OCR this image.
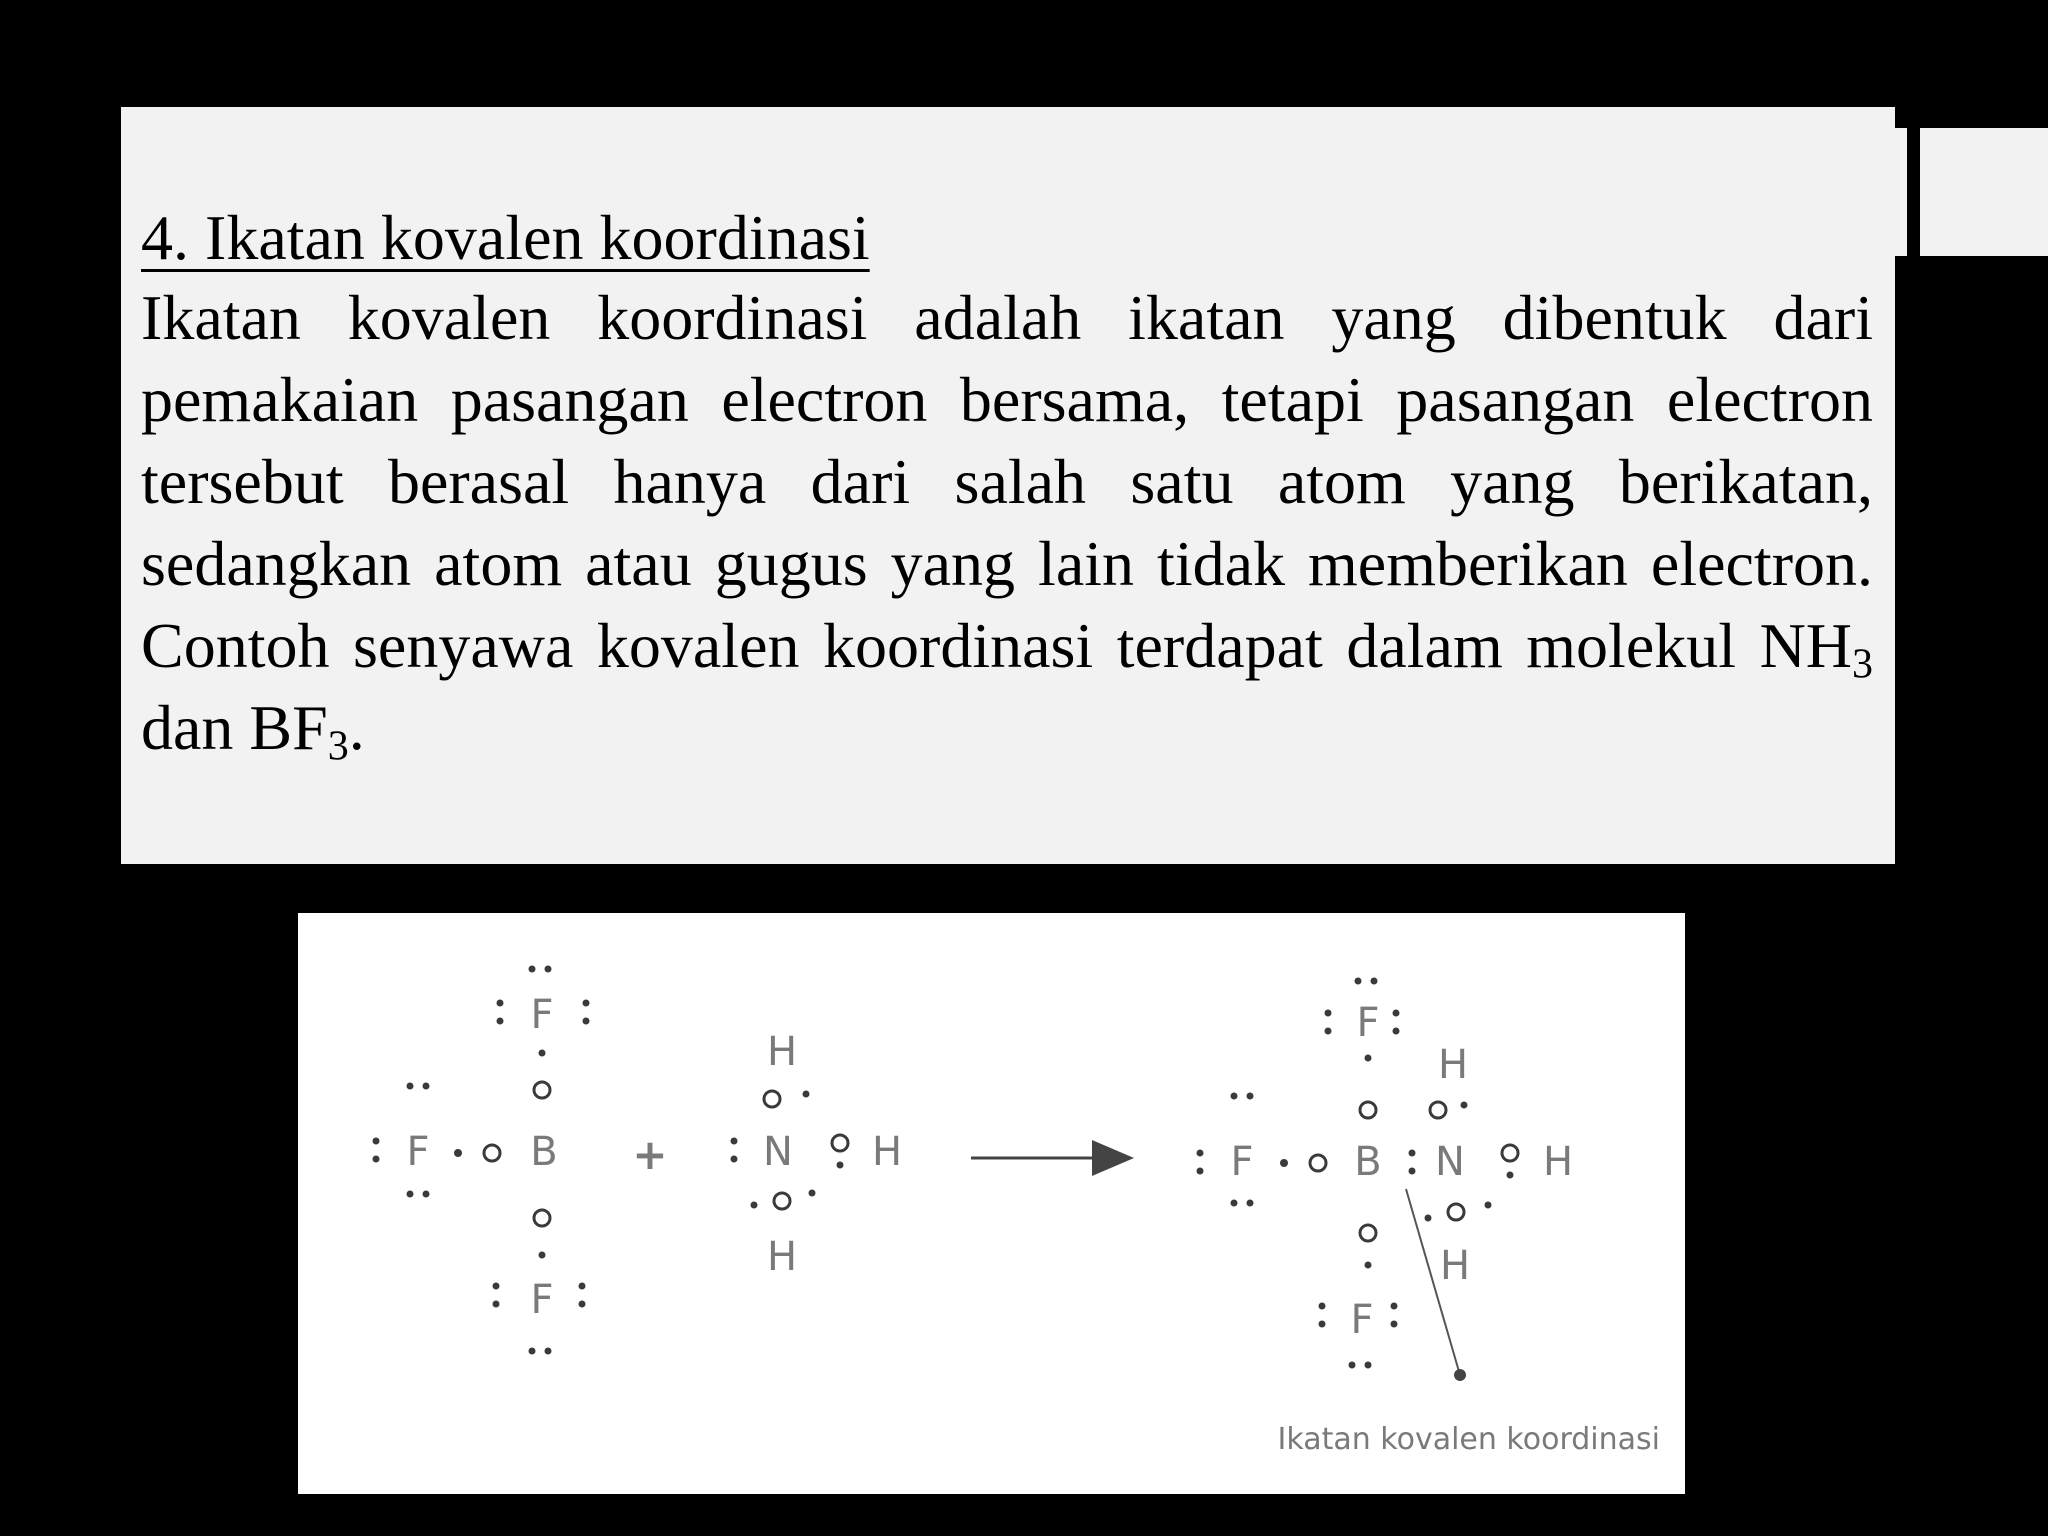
4. Ikatan kovalen koordinasi

Ikatan kovalen koordinasi adalah ikatan yang dibentuk dari pemakaian pasangan electron bersama, tetapi pasangan electron tersebut berasal hanya dari salah satu atom yang berikatan, sedangkan atom atau gugus yang lain tidak memberikan electron. Contoh senyawa kovalen koordinasi terdapat dalam molekul $NH_3$ dan $BF_3$.

F
F	B
F
+
H
N H
H
F
F	B N
H
H
H
F
Ikatan kovalen koordinasi
